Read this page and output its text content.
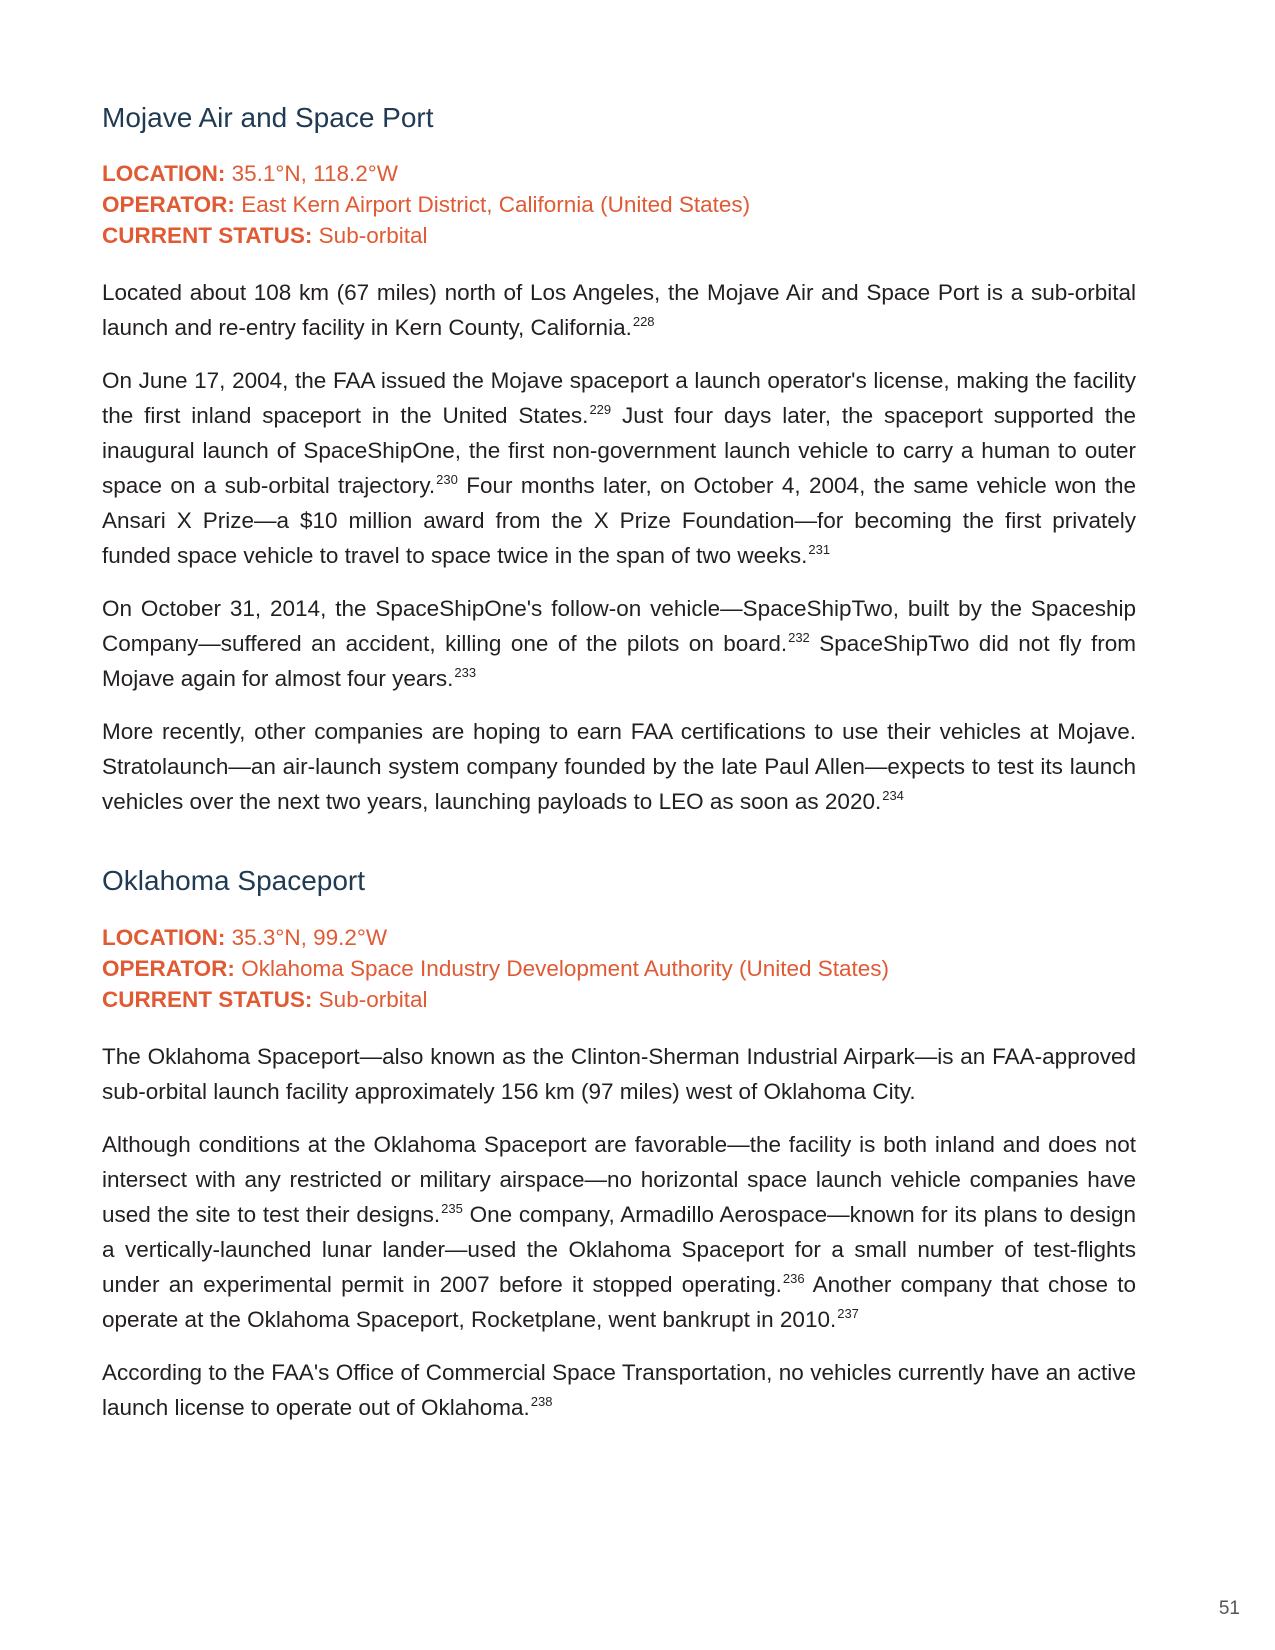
Mojave Air and Space Port
LOCATION: 35.1°N, 118.2°W
OPERATOR: East Kern Airport District, California (United States)
CURRENT STATUS: Sub-orbital

Located about 108 km (67 miles) north of Los Angeles, the Mojave Air and Space Port is a sub-orbital launch and re-entry facility in Kern County, California.$^{228}$

On June 17, 2004, the FAA issued the Mojave spaceport a launch operator's license, making the facility the first inland spaceport in the United States.$^{229}$ Just four days later, the spaceport supported the inaugural launch of SpaceShipOne, the first non-government launch vehicle to carry a human to outer space on a sub-orbital trajectory.$^{230}$ Four months later, on October 4, 2004, the same vehicle won the Ansari X Prize—a $10 million award from the X Prize Foundation—for becoming the first privately funded space vehicle to travel to space twice in the span of two weeks.$^{231}$

On October 31, 2014, the SpaceShipOne's follow-on vehicle—SpaceShipTwo, built by the Spaceship Company—suffered an accident, killing one of the pilots on board.$^{232}$ SpaceShipTwo did not fly from Mojave again for almost four years.$^{233}$

More recently, other companies are hoping to earn FAA certifications to use their vehicles at Mojave. Stratolaunch—an air-launch system company founded by the late Paul Allen—expects to test its launch vehicles over the next two years, launching payloads to LEO as soon as 2020.$^{234}$

Oklahoma Spaceport
LOCATION: 35.3°N, 99.2°W
OPERATOR: Oklahoma Space Industry Development Authority (United States)
CURRENT STATUS: Sub-orbital

The Oklahoma Spaceport—also known as the Clinton-Sherman Industrial Airpark—is an FAA-approved sub-orbital launch facility approximately 156 km (97 miles) west of Oklahoma City.

Although conditions at the Oklahoma Spaceport are favorable—the facility is both inland and does not intersect with any restricted or military airspace—no horizontal space launch vehicle companies have used the site to test their designs.$^{235}$ One company, Armadillo Aerospace—known for its plans to design a vertically-launched lunar lander—used the Oklahoma Spaceport for a small number of test-flights under an experimental permit in 2007 before it stopped operating.$^{236}$ Another company that chose to operate at the Oklahoma Spaceport, Rocketplane, went bankrupt in 2010.$^{237}$

According to the FAA's Office of Commercial Space Transportation, no vehicles currently have an active launch license to operate out of Oklahoma.$^{238}$

51
